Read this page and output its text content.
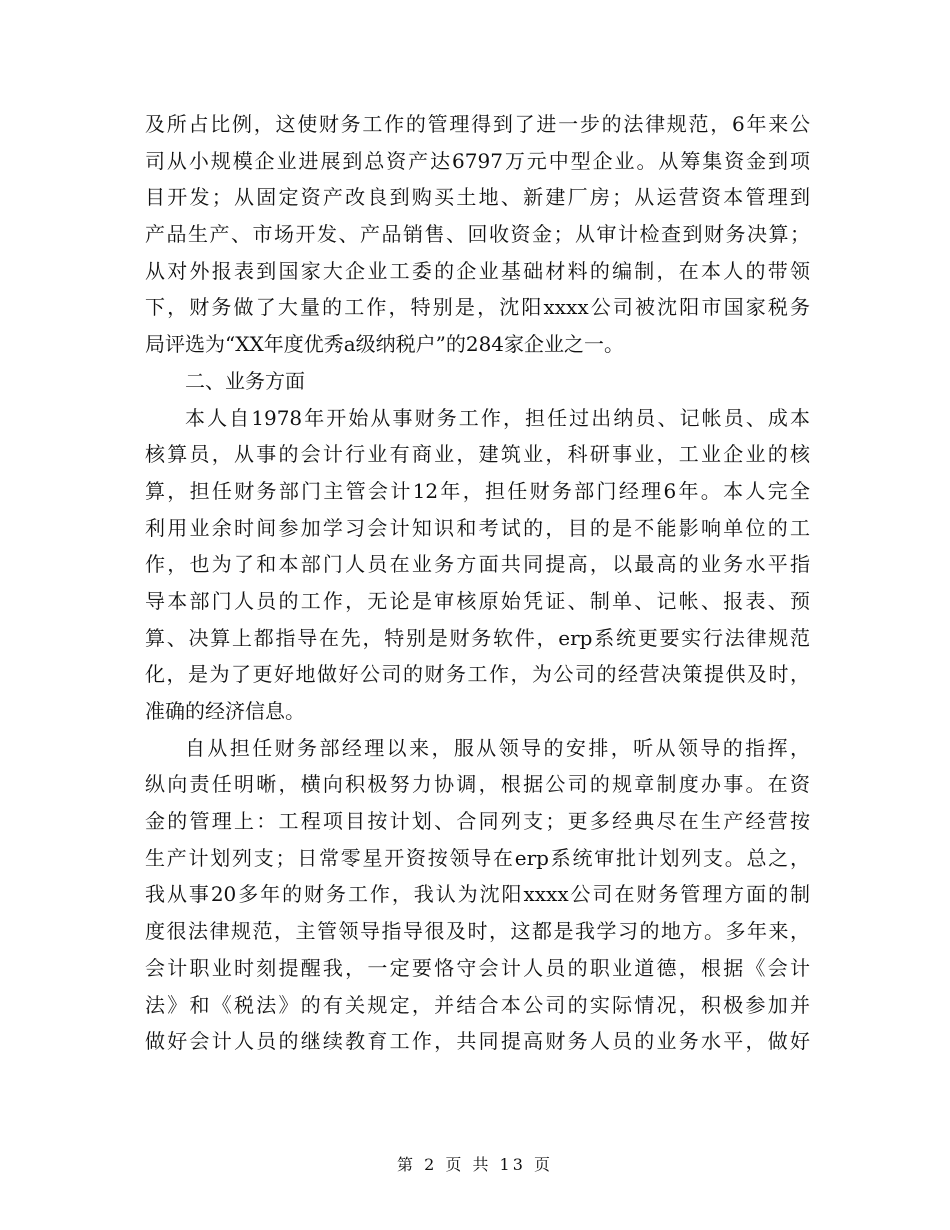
及所占比例，这使财务工作的管理得到了进一步的法律规范，6年来公
司从小规模企业进展到总资产达6797万元中型企业。从筹集资金到项
目开发；从固定资产改良到购买土地、新建厂房；从运营资本管理到
产品生产、市场开发、产品销售、回收资金；从审计检查到财务决算；
从对外报表到国家大企业工委的企业基础材料的编制，在本人的带领
下，财务做了大量的工作，特别是，沈阳xxxx公司被沈阳市国家税务
局评选为“XX年度优秀a级纳税户”的284家企业之一。
二、业务方面
本人自1978年开始从事财务工作，担任过出纳员、记帐员、成本
核算员，从事的会计行业有商业，建筑业，科研事业，工业企业的核
算，担任财务部门主管会计12年，担任财务部门经理6年。本人完全
利用业余时间参加学习会计知识和考试的，目的是不能影响单位的工
作，也为了和本部门人员在业务方面共同提高，以最高的业务水平指
导本部门人员的工作，无论是审核原始凭证、制单、记帐、报表、预
算、决算上都指导在先，特别是财务软件，erp系统更要实行法律规范
化，是为了更好地做好公司的财务工作，为公司的经营决策提供及时，
准确的经济信息。
自从担任财务部经理以来，服从领导的安排，听从领导的指挥，
纵向责任明晰，横向积极努力协调，根据公司的规章制度办事。在资
金的管理上：工程项目按计划、合同列支；更多经典尽在生产经营按
生产计划列支；日常零星开资按领导在erp系统审批计划列支。总之，
我从事20多年的财务工作，我认为沈阳xxxx公司在财务管理方面的制
度很法律规范，主管领导指导很及时，这都是我学习的地方。多年来，
会计职业时刻提醒我，一定要恪守会计人员的职业道德，根据《会计
法》和《税法》的有关规定，并结合本公司的实际情况，积极参加并
做好会计人员的继续教育工作，共同提高财务人员的业务水平，做好
第 2 页 共 13 页
